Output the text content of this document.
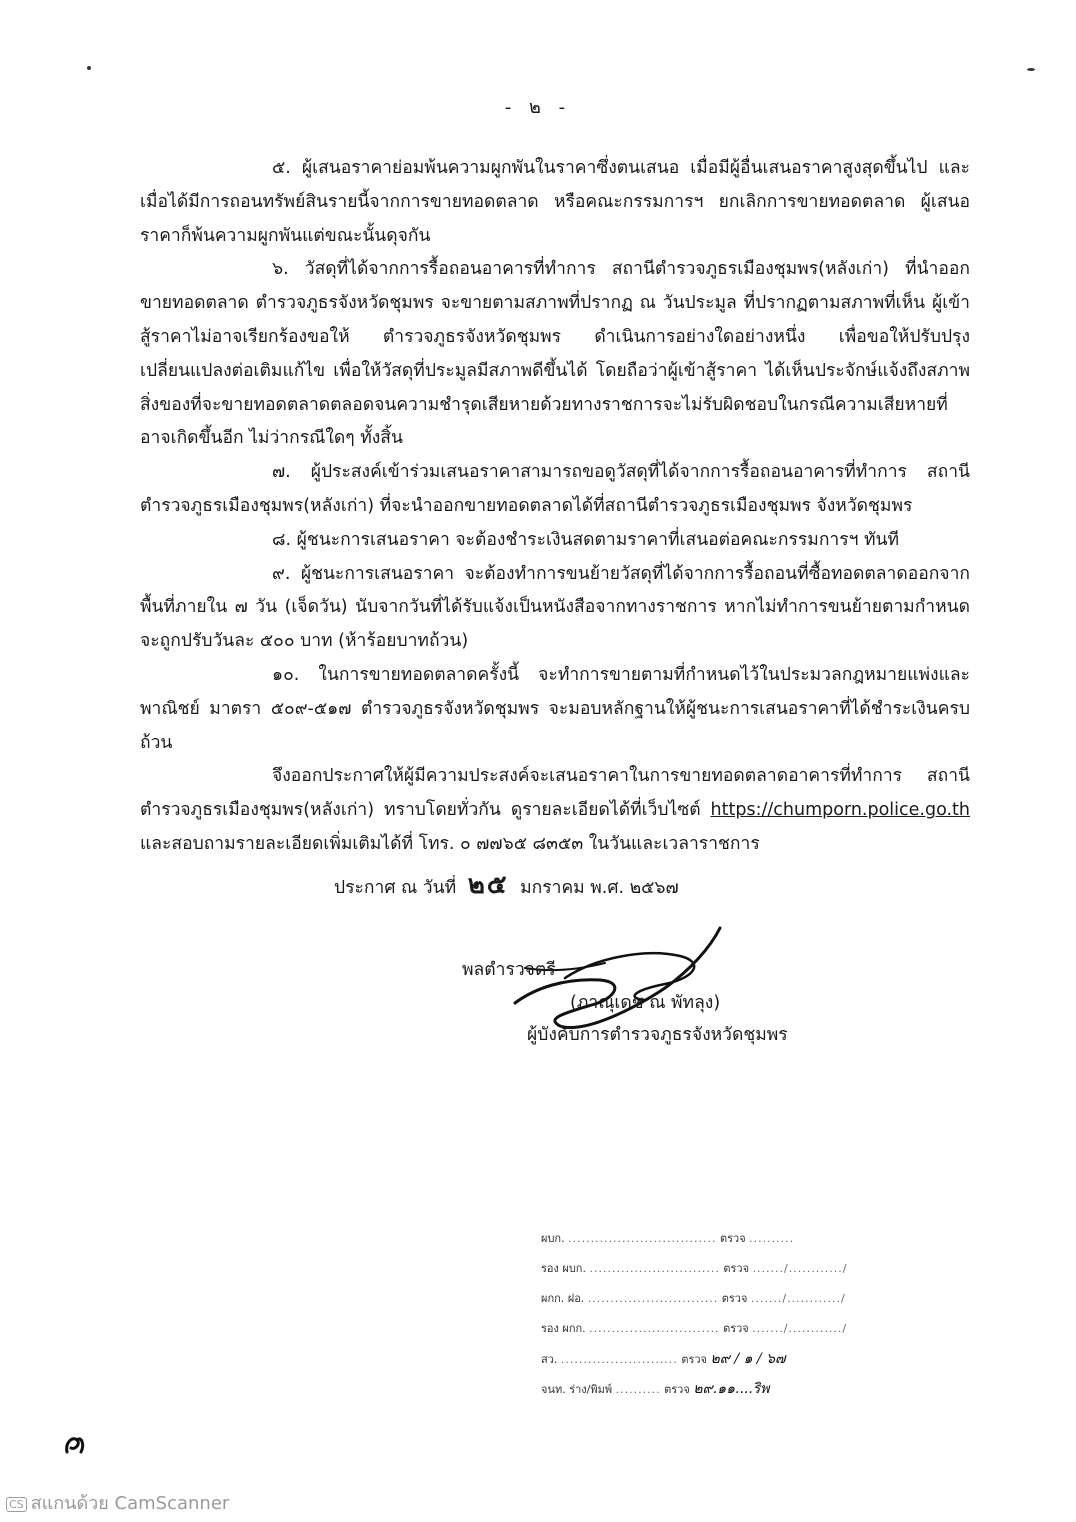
- ๒ -

๕. ผู้เสนอราคาย่อมพ้นความผูกพันในราคาซึ่งตนเสนอ เมื่อมีผู้อื่นเสนอราคาสูงสุดขึ้นไป และเมื่อได้มีการถอนทรัพย์สินรายนี้จากการขายทอดตลาด หรือคณะกรรมการฯ ยกเลิกการขายทอดตลาด ผู้เสนอราคาก็พ้นความผูกพันแต่ขณะนั้นดุจกัน

๖. วัสดุที่ได้จากการรื้อถอนอาคารที่ทำการ สถานีตำรวจภูธรเมืองชุมพร(หลังเก่า) ที่นำออกขายทอดตลาด ตำรวจภูธรจังหวัดชุมพร จะขายตามสภาพที่ปรากฏ ณ วันประมูล ที่ปรากฏตามสภาพที่เห็น ผู้เข้าสู้ราคาไม่อาจเรียกร้องขอให้ ตำรวจภูธรจังหวัดชุมพร ดำเนินการอย่างใดอย่างหนึ่ง เพื่อขอให้ปรับปรุงเปลี่ยนแปลงต่อเติมแก้ไข เพื่อให้วัสดุที่ประมูลมีสภาพดีขึ้นได้ โดยถือว่าผู้เข้าสู้ราคา ได้เห็นประจักษ์แจ้งถึงสภาพสิ่งของที่จะขายทอดตลาดตลอดจนความชำรุดเสียหายด้วยทางราชการจะไม่รับผิดชอบในกรณีความเสียหายที่อาจเกิดขึ้นอีก ไม่ว่ากรณีใดๆ ทั้งสิ้น

๗. ผู้ประสงค์เข้าร่วมเสนอราคาสามารถขอดูวัสดุที่ได้จากการรื้อถอนอาคารที่ทำการ สถานีตำรวจภูธรเมืองชุมพร(หลังเก่า) ที่จะนำออกขายทอดตลาดได้ที่สถานีตำรวจภูธรเมืองชุมพร จังหวัดชุมพร

๘. ผู้ชนะการเสนอราคา จะต้องชำระเงินสดตามราคาที่เสนอต่อคณะกรรมการฯ ทันที

๙. ผู้ชนะการเสนอราคา จะต้องทำการขนย้ายวัสดุที่ได้จากการรื้อถอนที่ซื้อทอดตลาดออกจากพื้นที่ภายใน ๗ วัน (เจ็ดวัน) นับจากวันที่ได้รับแจ้งเป็นหนังสือจากทางราชการ หากไม่ทำการขนย้ายตามกำหนดจะถูกปรับวันละ ๕๐๐ บาท (ห้าร้อยบาทถ้วน)

๑๐. ในการขายทอดตลาดครั้งนี้ จะทำการขายตามที่กำหนดไว้ในประมวลกฎหมายแพ่งและพาณิชย์ มาตรา ๕๐๙-๕๑๗ ตำรวจภูธรจังหวัดชุมพร จะมอบหลักฐานให้ผู้ชนะการเสนอราคาที่ได้ชำระเงินครบถ้วน

จึงออกประกาศให้ผู้มีความประสงค์จะเสนอราคาในการขายทอดตลาดอาคารที่ทำการ สถานีตำรวจภูธรเมืองชุมพร(หลังเก่า) ทราบโดยทั่วกัน ดูรายละเอียดได้ที่เว็บไซต์ https://chumporn.police.go.th และสอบถามรายละเอียดเพิ่มเติมได้ที่ โทร. ๐ ๗๗๖๕ ๘๓๕๓ ในวันและเวลาราชการ

ประกาศ ณ วันที่ ๒๕ มกราคม พ.ศ. ๒๕๖๗
พลตำรวจตรี
(ภาณุเดช ณ พัทลุง)
ผู้บังคับการตำรวจภูธรจังหวัดชุมพร
ผบก. ................................. ตรวจ ..........
รอง ผบก. ............................. ตรวจ ......./............/
ผกก. ฝอ. ............................. ตรวจ ......./............/
รอง ผกก. ............................. ตรวจ ......./............/
สว. .......................... ตรวจ ๒๙ / ๑ / ๖๗
จนท. ร่าง/พิมพ์ .......... ตรวจ ๒๙.๑๑....ริพ
CS สแกนด้วย CamScanner
